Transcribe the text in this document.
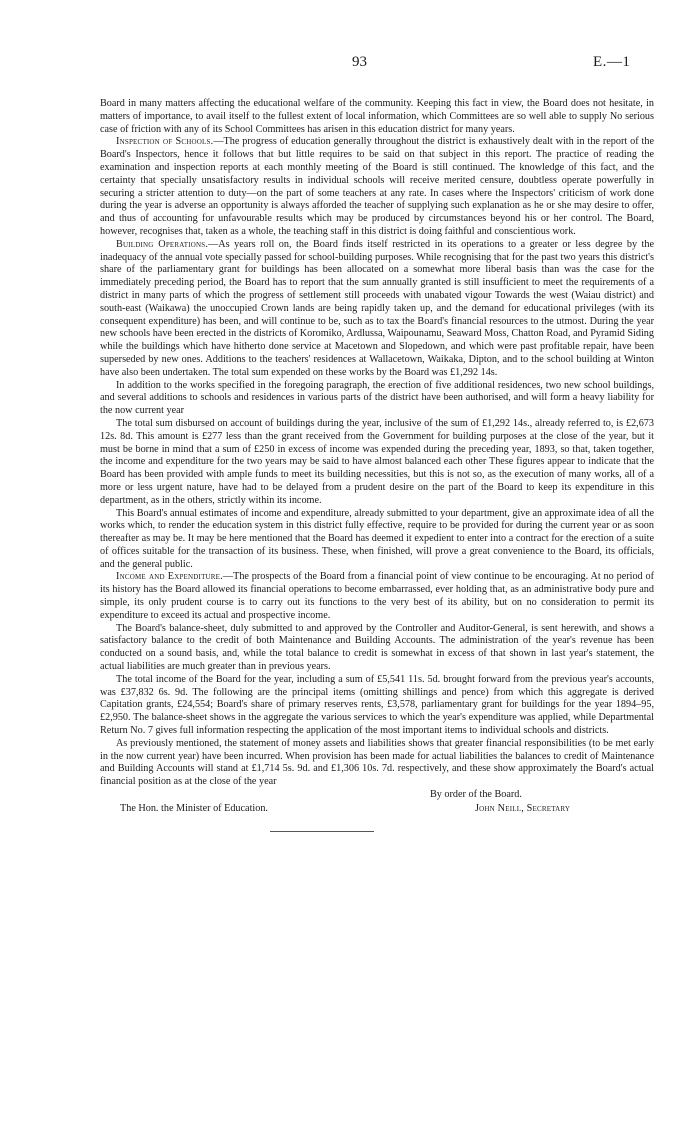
93	E.—1

Board in many matters affecting the educational welfare of the community. Keeping this fact in view, the Board does not hesitate, in matters of importance, to avail itself to the fullest extent of local information, which Committees are so well able to supply No serious case of friction with any of its School Committees has arisen in this education district for many years.

Inspection of Schools.—The progress of education generally throughout the district is exhaustively dealt with in the report of the Board's Inspectors, hence it follows that but little requires to be said on that subject in this report. The practice of reading the examination and inspection reports at each monthly meeting of the Board is still continued. The knowledge of this fact, and the certainty that specially unsatisfactory results in individual schools will receive merited censure, doubtless operate powerfully in securing a stricter attention to duty—on the part of some teachers at any rate. In cases where the Inspectors' criticism of work done during the year is adverse an opportunity is always afforded the teacher of supplying such explanation as he or she may desire to offer, and thus of accounting for unfavourable results which may be produced by circumstances beyond his or her control. The Board, however, recognises that, taken as a whole, the teaching staff in this district is doing faithful and conscientious work.

Building Operations.—As years roll on, the Board finds itself restricted in its operations to a greater or less degree by the inadequacy of the annual vote specially passed for school-building purposes. While recognising that for the past two years this district's share of the parliamentary grant for buildings has been allocated on a somewhat more liberal basis than was the case for the immediately preceding period, the Board has to report that the sum annually granted is still insufficient to meet the requirements of a district in many parts of which the progress of settlement still proceeds with unabated vigour Towards the west (Waiau district) and south-east (Waikawa) the unoccupied Crown lands are being rapidly taken up, and the demand for educational privileges (with its consequent expenditure) has been, and will continue to be, such as to tax the Board's financial resources to the utmost. During the year new schools have been erected in the districts of Koromiko, Ardlussa, Waipounamu, Seaward Moss, Chatton Road, and Pyramid Siding while the buildings which have hitherto done service at Macetown and Slopedown, and which were past profitable repair, have been superseded by new ones. Additions to the teachers' residences at Wallacetown, Waikaka, Dipton, and to the school building at Winton have also been undertaken. The total sum expended on these works by the Board was £1,292 14s.

In addition to the works specified in the foregoing paragraph, the erection of five additional residences, two new school buildings, and several additions to schools and residences in various parts of the district have been authorised, and will form a heavy liability for the now current year

The total sum disbursed on account of buildings during the year, inclusive of the sum of £1,292 14s., already referred to, is £2,673 12s. 8d. This amount is £277 less than the grant received from the Government for building purposes at the close of the year, but it must be borne in mind that a sum of £250 in excess of income was expended during the preceding year, 1893, so that, taken together, the income and expenditure for the two years may be said to have almost balanced each other These figures appear to indicate that the Board has been provided with ample funds to meet its building necessities, but this is not so, as the execution of many works, all of a more or less urgent nature, have had to be delayed from a prudent desire on the part of the Board to keep its expenditure in this department, as in the others, strictly within its income.

This Board's annual estimates of income and expenditure, already submitted to your department, give an approximate idea of all the works which, to render the education system in this district fully effective, require to be provided for during the current year or as soon thereafter as may be. It may be here mentioned that the Board has deemed it expedient to enter into a contract for the erection of a suite of offices suitable for the transaction of its business. These, when finished, will prove a great convenience to the Board, its officials, and the general public.

Income and Expenditure.—The prospects of the Board from a financial point of view continue to be encouraging. At no period of its history has the Board allowed its financial operations to become embarrassed, ever holding that, as an administrative body pure and simple, its only prudent course is to carry out its functions to the very best of its ability, but on no consideration to permit its expenditure to exceed its actual and prospective income.

The Board's balance-sheet, duly submitted to and approved by the Controller and Auditor-General, is sent herewith, and shows a satisfactory balance to the credit of both Maintenance and Building Accounts. The administration of the year's revenue has been conducted on a sound basis, and, while the total balance to credit is somewhat in excess of that shown in last year's statement, the actual liabilities are much greater than in previous years.

The total income of the Board for the year, including a sum of £5,541 11s. 5d. brought forward from the previous year's accounts, was £37,832 6s. 9d. The following are the principal items (omitting shillings and pence) from which this aggregate is derived Capitation grants, £24,554; Board's share of primary reserves rents, £3,578, parliamentary grant for buildings for the year 1894–95, £2,950. The balance-sheet shows in the aggregate the various services to which the year's expenditure was applied, while Departmental Return No. 7 gives full information respecting the application of the most important items to individual schools and districts.

As previously mentioned, the statement of money assets and liabilities shows that greater financial responsibilities (to be met early in the now current year) have been incurred. When provision has been made for actual liabilities the balances to credit of Maintenance and Building Accounts will stand at £1,714 5s. 9d. and £1,306 10s. 7d. respectively, and these show approximately the Board's actual financial position as at the close of the year

By order of the Board.
The Hon. the Minister of Education.	John Neill, Secretary
